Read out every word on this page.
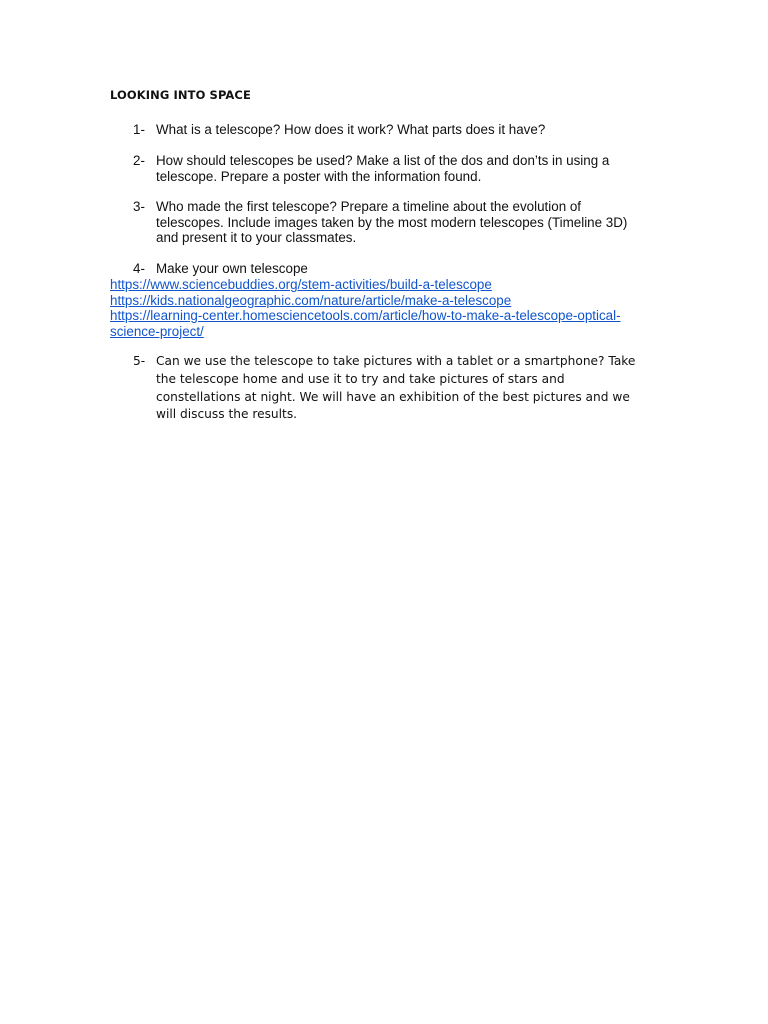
LOOKING INTO SPACE
1- What is a telescope? How does it work? What parts does it have?
2- How should telescopes be used? Make a list of the dos and don’ts in using a
telescope. Prepare a poster with the information found.
3- Who made the first telescope? Prepare a timeline about the evolution of
telescopes. Include images taken by the most modern telescopes (Timeline 3D)
and present it to your classmates.
4- Make your own telescope
https://www.sciencebuddies.org/stem-activities/build-a-telescope
https://kids.nationalgeographic.com/nature/article/make-a-telescope
https://learning-center.homesciencetools.com/article/how-to-make-a-telescope-optical-
science-project/
5- Can we use the telescope to take pictures with a tablet or a smartphone? Take
the telescope home and use it to try and take pictures of stars and
constellations at night. We will have an exhibition of the best pictures and we
will discuss the results.
